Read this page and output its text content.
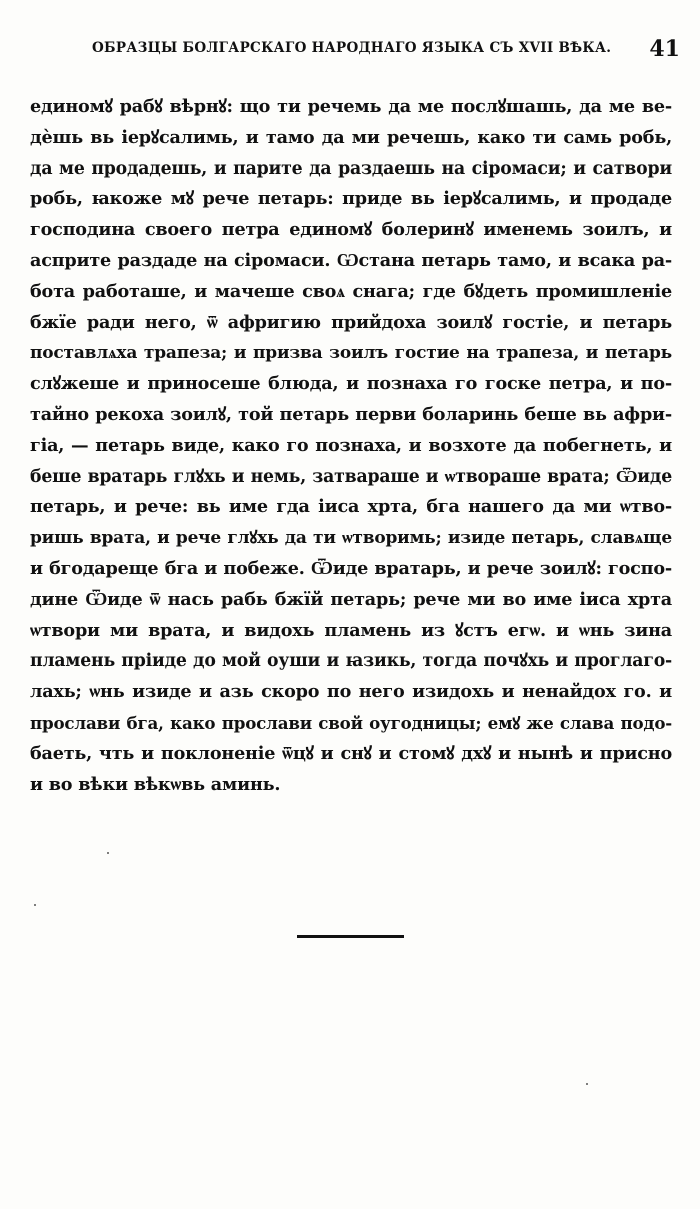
ОБРАЗЦЫ БОЛГАРСКАГО НАРОДНАГО ЯЗЫКА СЪ XVII ВѢКА. 41
единомꙋ рабꙋ вѣрнꙋ: що ти речемь да ме послꙋшашь, да ме ве-
дѐшь вь іерꙋсалимь, и тамо да ми речешь, како ти самь робь,
да ме продадешь, и парите да раздаешь на сіромаси; и сатвори
робь, ꙗкоже мꙋ рече петарь: приде вь іерꙋсалимь, и продаде
господина своего петра единомꙋ болеринꙋ именемь зоилъ, и
асприте раздаде на сіромаси. Ѡстана петарь тамо, и всака ра-
бота работаше, и мачеше своѧ снага; где бꙋдеть промишленіе
бжїе ради него, ѿ афригию прийдоха зоилꙋ гостіе, и петарь
поставлѧха трапеза; и призва зоилъ гостие на трапеза, и петарь
слꙋжеше и приносеше блюда, и познаха го госке петра, и по-
тайно рекоха зоилꙋ, той петарь перви боларинь беше вь афри-
гіа, — петарь виде, како го познаха, и возхоте да побегнеть, и
беше вратарь глꙋхь и немь, затвараше и ѡтвораше врата; Ѿиде
петарь, и рече: вь име гда іиса хрта, бга нашего да ми ѡтво-
ришь врата, и рече глꙋхь да ти ѡтворимь; изиде петарь, славѧще
и бгодареще бга и побеже. Ѿиде вратарь, и рече зоилꙋ: госпо-
дине Ѿиде ѿ нась рабь бжїй петарь; рече ми во име іиса хрта
ѡтвори ми врата, и видохь пламень из ꙋстъ егѡ. и ѡнь зина
пламень пріиде до мой оуши и ꙗзикь, тогда почꙋхь и проглаго-
лахь; ѡнь изиде и азь скоро по него изидохь и ненайдох го. и
прослави бга, како прослави свой оугодницы; емꙋ же слава подо-
баеть, чть и поклоненіе ѿцꙋ и снꙋ и стомꙋ дхꙋ и нынѣ и присно
и во вѣки вѣкѡвь аминь.
